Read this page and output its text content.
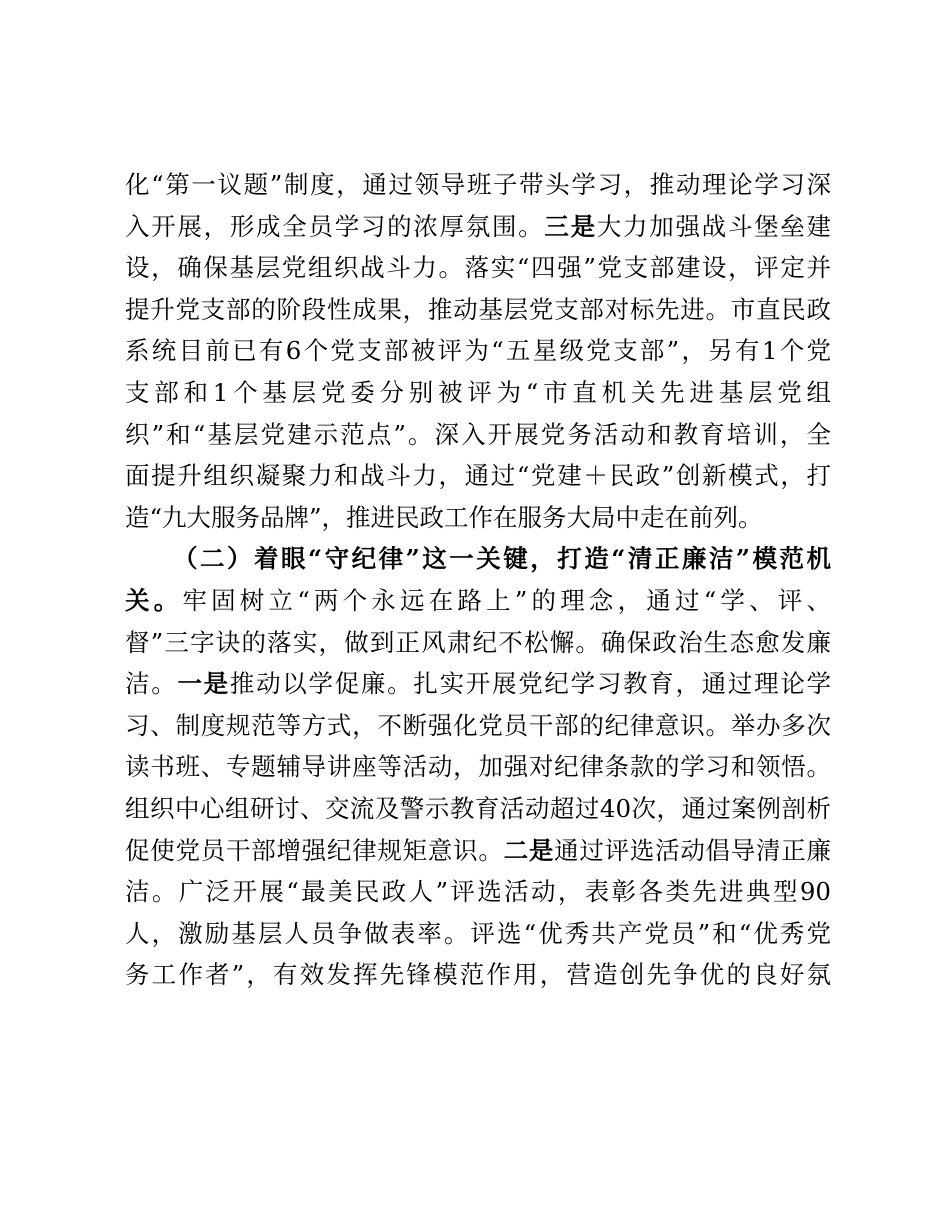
化“第一议题”制度，通过领导班子带头学习，推动理论学习深
入开展，形成全员学习的浓厚氛围。三是大力加强战斗堡垒建
设，确保基层党组织战斗力。落实“四强”党支部建设，评定并
提升党支部的阶段性成果，推动基层党支部对标先进。市直民政
系统目前已有6个党支部被评为“五星级党支部”，另有1个党
支部和1个基层党委分别被评为“市直机关先进基层党组
织”和“基层党建示范点”。深入开展党务活动和教育培训，全
面提升组织凝聚力和战斗力，通过“党建＋民政”创新模式，打
造“九大服务品牌”，推进民政工作在服务大局中走在前列。
（二）着眼“守纪律”这一关键，打造“清正廉洁”模范机
关。牢固树立“两个永远在路上”的理念，通过“学、评、
督”三字诀的落实，做到正风肃纪不松懈。确保政治生态愈发廉
洁。一是推动以学促廉。扎实开展党纪学习教育，通过理论学
习、制度规范等方式，不断强化党员干部的纪律意识。举办多次
读书班、专题辅导讲座等活动，加强对纪律条款的学习和领悟。
组织中心组研讨、交流及警示教育活动超过40次，通过案例剖析
促使党员干部增强纪律规矩意识。二是通过评选活动倡导清正廉
洁。广泛开展“最美民政人”评选活动，表彰各类先进典型90
人，激励基层人员争做表率。评选“优秀共产党员”和“优秀党
务工作者”，有效发挥先锋模范作用，营造创先争优的良好氛
